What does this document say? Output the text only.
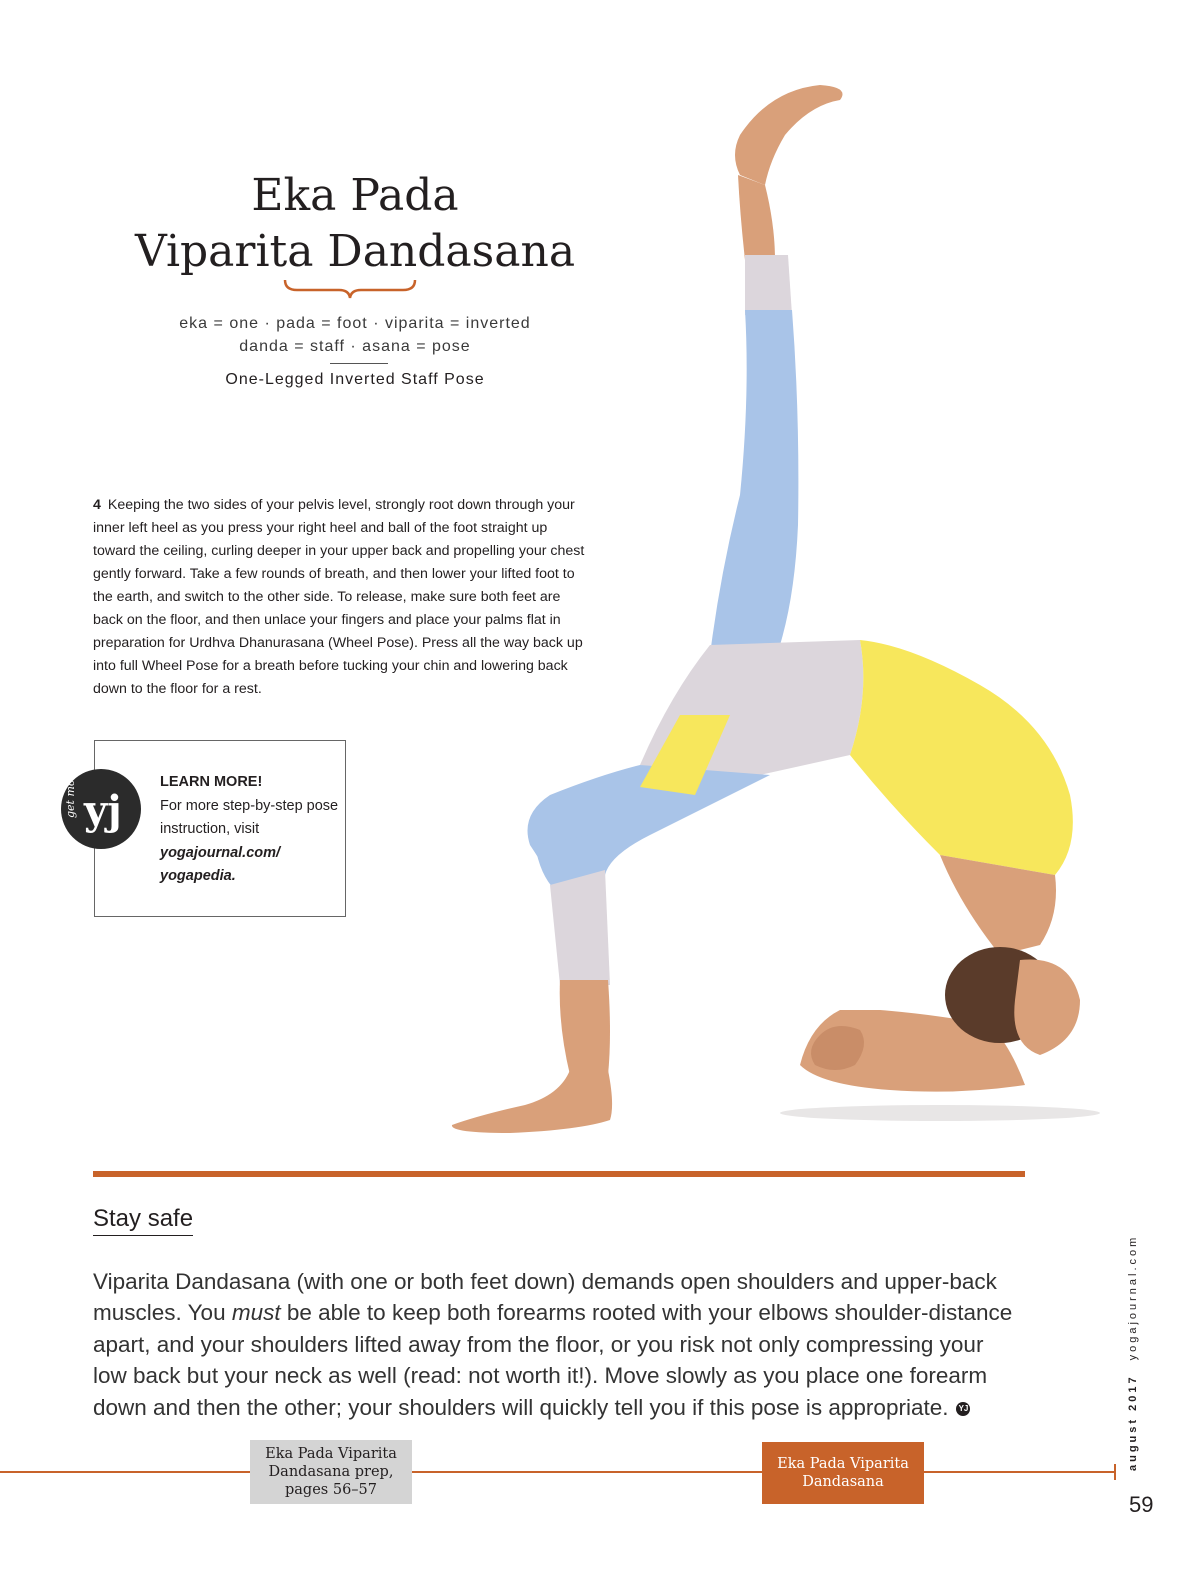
Eka Pada
Viparita Dandasana
eka = one · pada = foot · viparita = inverted
danda = staff · asana = pose
One-Legged Inverted Staff Pose

4 Keeping the two sides of your pelvis level, strongly root down through your inner left heel as you press your right heel and ball of the foot straight up toward the ceiling, curling deeper in your upper back and propelling your chest gently forward. Take a few rounds of breath, and then lower your lifted foot to the earth, and switch to the other side. To release, make sure both feet are back on the floor, and then unlace your fingers and place your palms flat in preparation for Urdhva Dhanurasana (Wheel Pose). Press all the way back up into full Wheel Pose for a breath before tucking your chin and lowering back down to the floor for a rest.

get more yj
LEARN MORE!
For more step-by-step pose instruction, visit
yogajournal.com/
yogapedia.
Stay safe

Viparita Dandasana (with one or both feet down) demands open shoulders and upper-back muscles. You must be able to keep both forearms rooted with your elbows shoulder-distance apart, and your shoulders lifted away from the floor, or you risk not only compressing your low back but your neck as well (read: not worth it!). Move slowly as you place one forearm down and then the other; your shoulders will quickly tell you if this pose is appropriate. YJ

Eka Pada Viparita
Dandasana prep,
pages 56–57
Eka Pada Viparita
Dandasana
august 2017yogajournal.com
59
